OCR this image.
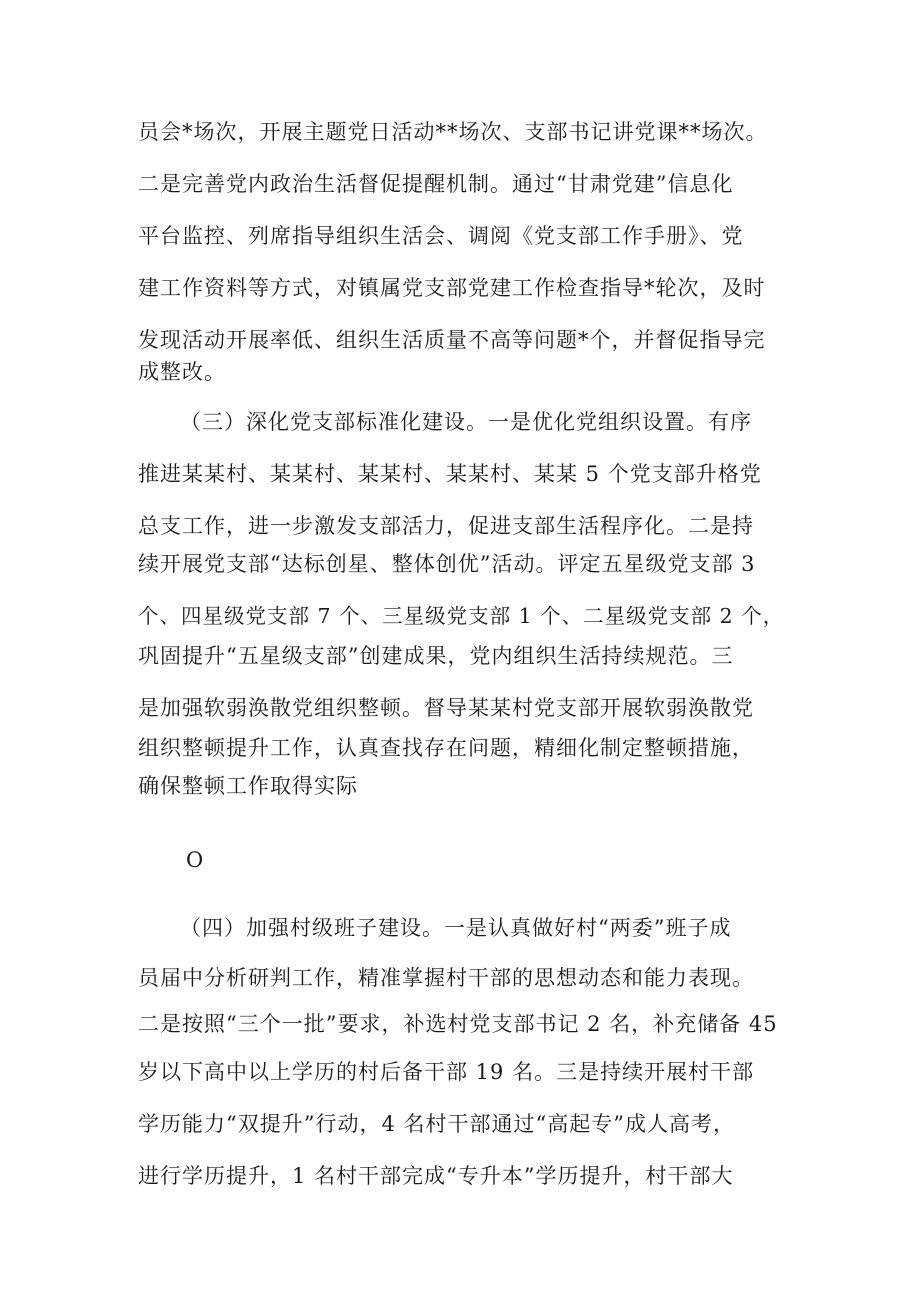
员会*场次，开展主题党日活动**场次、支部书记讲党课**场次。
二是完善党内政治生活督促提醒机制。通过“甘肃党建”信息化
平台监控、列席指导组织生活会、调阅《党支部工作手册》、党
建工作资料等方式，对镇属党支部党建工作检查指导*轮次，及时
发现活动开展率低、组织生活质量不高等问题*个，并督促指导完
成整改。
（三）深化党支部标准化建设。一是优化党组织设置。有序
推进某某村、某某村、某某村、某某村、某某 5 个党支部升格党
总支工作，进一步激发支部活力，促进支部生活程序化。二是持
续开展党支部“达标创星、整体创优”活动。评定五星级党支部 3
个、四星级党支部 7 个、三星级党支部 1 个、二星级党支部 2 个，
巩固提升“五星级支部”创建成果，党内组织生活持续规范。三
是加强软弱涣散党组织整顿。督导某某村党支部开展软弱涣散党
组织整顿提升工作，认真查找存在问题，精细化制定整顿措施，
确保整顿工作取得实际
O
（四）加强村级班子建设。一是认真做好村“两委”班子成
员届中分析研判工作，精准掌握村干部的思想动态和能力表现。
二是按照“三个一批”要求，补选村党支部书记 2 名，补充储备 45
岁以下高中以上学历的村后备干部 19 名。三是持续开展村干部
学历能力“双提升”行动，4 名村干部通过“高起专”成人高考，
进行学历提升，1 名村干部完成“专升本”学历提升，村干部大
